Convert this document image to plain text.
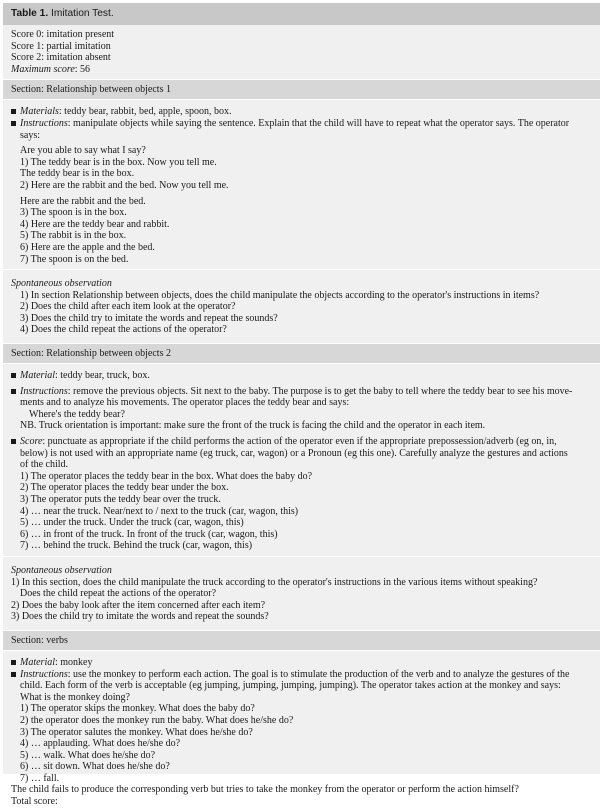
Table 1. Imitation Test.
Score 0: imitation present
Score 1: partial imitation
Score 2: imitation absent
Maximum score: 56
Section: Relationship between objects 1
Materials: teddy bear, rabbit, bed, apple, spoon, box.
Instructions: manipulate objects while saying the sentence. Explain that the child will have to repeat what the operator says. The operator
says:
Are you able to say what I say?
1) The teddy bear is in the box. Now you tell me.
The teddy bear is in the box.
2) Here are the rabbit and the bed. Now you tell me.
Here are the rabbit and the bed.
3) The spoon is in the box.
4) Here are the teddy bear and rabbit.
5) The rabbit is in the box.
6) Here are the apple and the bed.
7) The spoon is on the bed.
Spontaneous observation
1) In section Relationship between objects, does the child manipulate the objects according to the operator's instructions in items?
2) Does the child after each item look at the operator?
3) Does the child try to imitate the words and repeat the sounds?
4) Does the child repeat the actions of the operator?
Section: Relationship between objects 2
Material: teddy bear, truck, box.
Instructions: remove the previous objects. Sit next to the baby. The purpose is to get the baby to tell where the teddy bear to see his move-
ments and to analyze his movements. The operator places the teddy bear and says:
Where's the teddy bear?
NB. Truck orientation is important: make sure the front of the truck is facing the child and the operator in each item.
Score: punctuate as appropriate if the child performs the action of the operator even if the appropriate prepossession/adverb (eg on, in,
below) is not used with an appropriate name (eg truck, car, wagon) or a Pronoun (eg this one). Carefully analyze the gestures and actions
of the child.
1) The operator places the teddy bear in the box. What does the baby do?
2) The operator places the teddy bear under the box.
3) The operator puts the teddy bear over the truck.
4) … near the truck. Near/next to / next to the truck (car, wagon, this)
5) … under the truck. Under the truck (car, wagon, this)
6) … in front of the truck. In front of the truck (car, wagon, this)
7) … behind the truck. Behind the truck (car, wagon, this)
Spontaneous observation
1) In this section, does the child manipulate the truck according to the operator's instructions in the various items without speaking?
Does the child repeat the actions of the operator?
2) Does the baby look after the item concerned after each item?
3) Does the child try to imitate the words and repeat the sounds?
Section: verbs
Material: monkey
Instructions: use the monkey to perform each action. The goal is to stimulate the production of the verb and to analyze the gestures of the
child. Each form of the verb is acceptable (eg jumping, jumping, jumping, jumping). The operator takes action at the monkey and says:
What is the monkey doing?
1) The operator skips the monkey. What does the baby do?
2) the operator does the monkey run the baby. What does he/she do?
3) The operator salutes the monkey. What does he/she do?
4) … applauding. What does he/she do?
5) … walk. What does he/she do?
6) … sit down. What does he/she do?
7) … fall.
The child fails to produce the corresponding verb but tries to take the monkey from the operator or perform the action himself?
Total score:
